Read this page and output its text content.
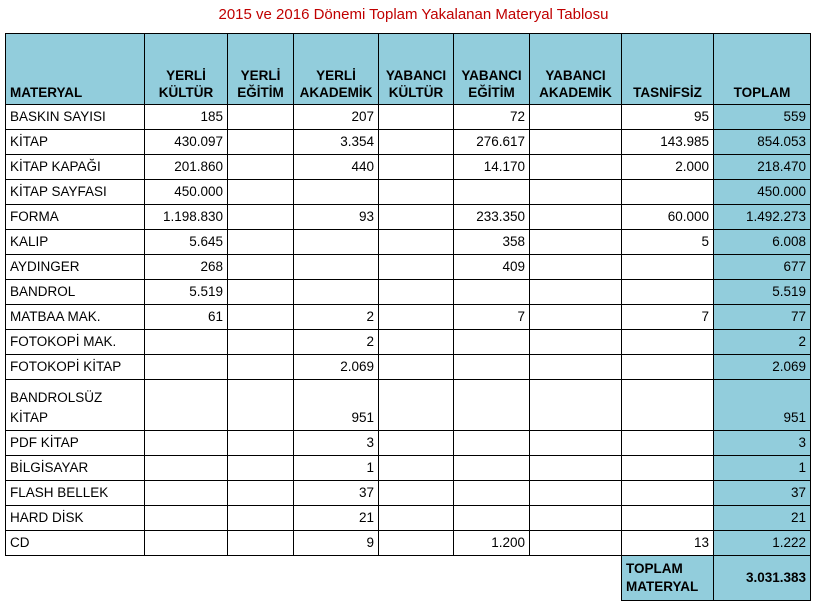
2015 ve 2016 Dönemi Toplam Yakalanan Materyal Tablosu
MATERYAL	YERLİ KÜLTÜR	YERLİ EĞİTİM	YERLİ AKADEMİK	YABANCI KÜLTÜR	YABANCI EĞİTİM	YABANCI AKADEMİK	TASNİFSİZ	TOPLAM
BASKIN SAYISI	185		207		72		95	559
KİTAP	430.097		3.354		276.617		143.985	854.053
KİTAP KAPAĞI	201.860		440		14.170		2.000	218.470
KİTAP SAYFASI	450.000							450.000
FORMA	1.198.830		93		233.350		60.000	1.492.273
KALIP	5.645				358		5	6.008
AYDINGER	268				409			677
BANDROL	5.519							5.519
MATBAA MAK.	61		2		7		7	77
FOTOKOPİ MAK.			2					2
FOTOKOPİ KİTAP			2.069					2.069
BANDROLSÜZ KİTAP			951					951
PDF KİTAP			3					3
BİLGİSAYAR			1					1
FLASH BELLEK			37					37
HARD DİSK			21					21
CD			9		1.200		13	1.222
							TOPLAM MATERYAL	3.031.383
